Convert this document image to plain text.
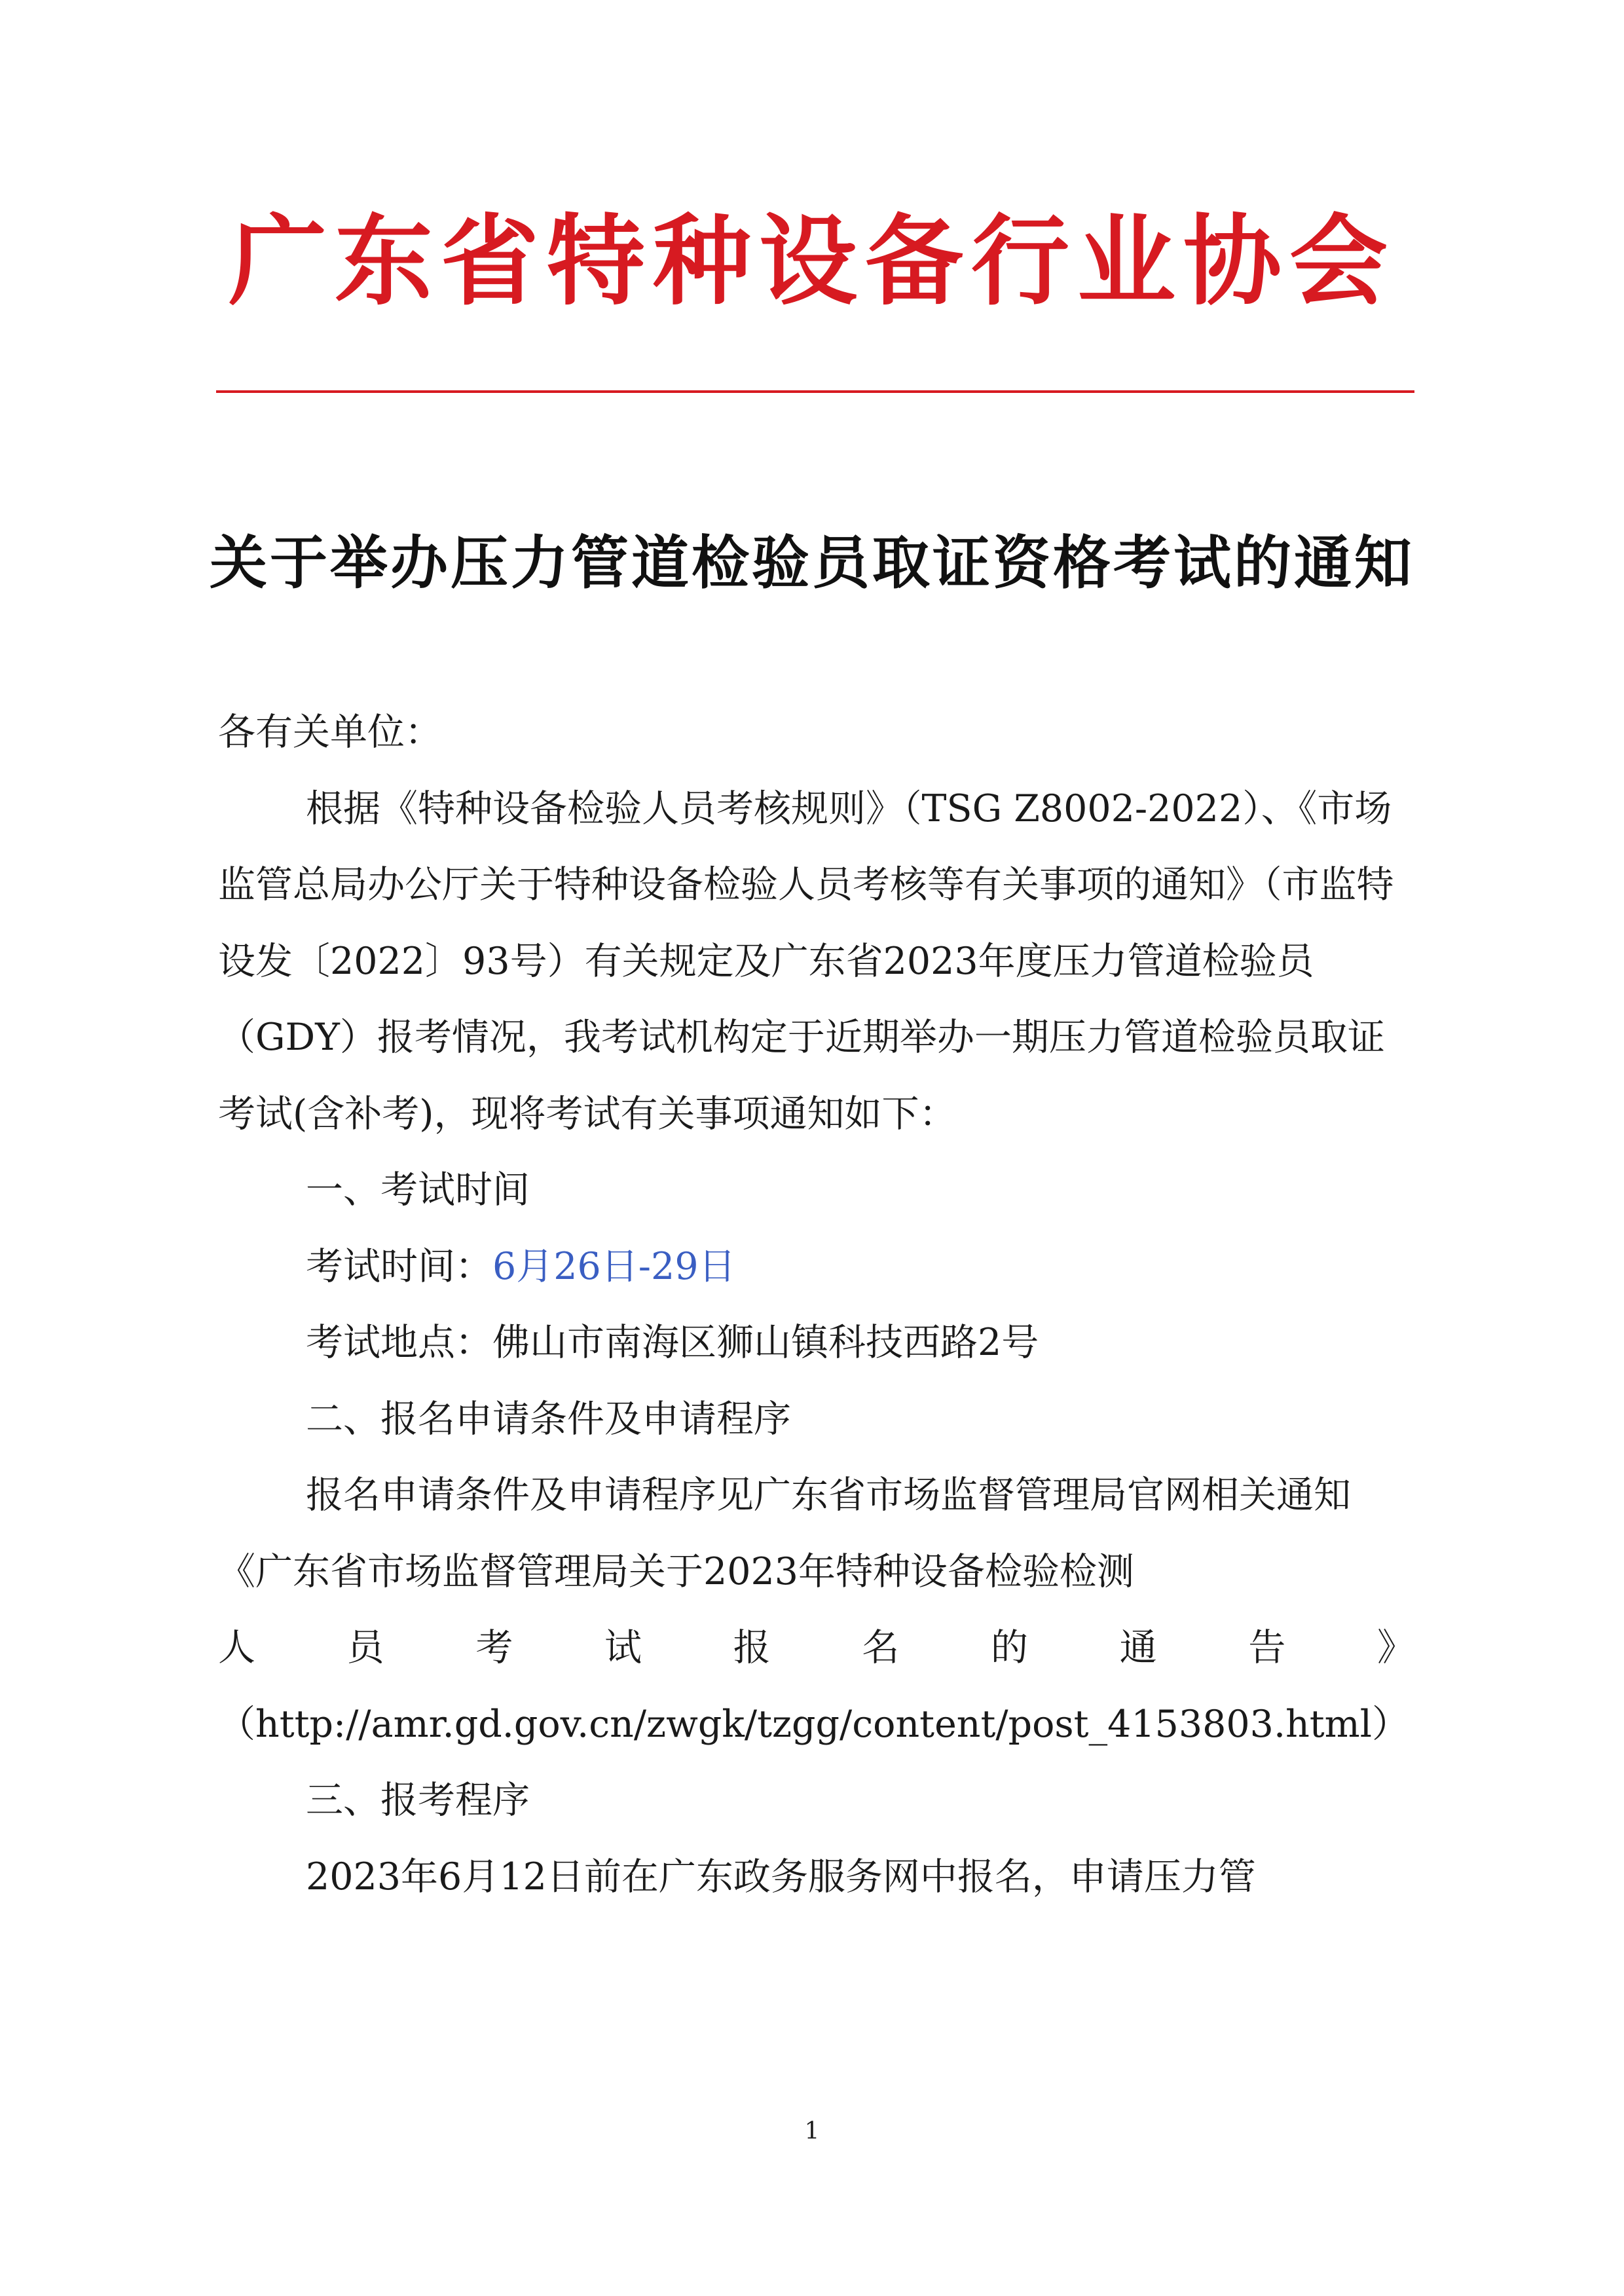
广东省特种设备行业协会
关于举办压力管道检验员取证资格考试的通知

各有关单位：

根据《特种设备检验人员考核规则》（TSG Z8002-2022）、《市场监管总局办公厅关于特种设备检验人员考核等有关事项的通知》（市监特设发〔2022〕93号）有关规定及广东省2023年度压力管道检验员（GDY）报考情况，我考试机构定于近期举办一期压力管道检验员取证考试(含补考)，现将考试有关事项通知如下：

一、考试时间

考试时间：6月26日-29日

考试地点：佛山市南海区狮山镇科技西路2号

二、报名申请条件及申请程序

报名申请条件及申请程序见广东省市场监督管理局官网相关通知《广东省市场监督管理局关于2023年特种设备检验检测

人员考试报名的通告》

（http://amr.gd.gov.cn/zwgk/tzgg/content/post_4153803.html）

三、报考程序

2023年6月12日前在广东政务服务网中报名，申请压力管

1
